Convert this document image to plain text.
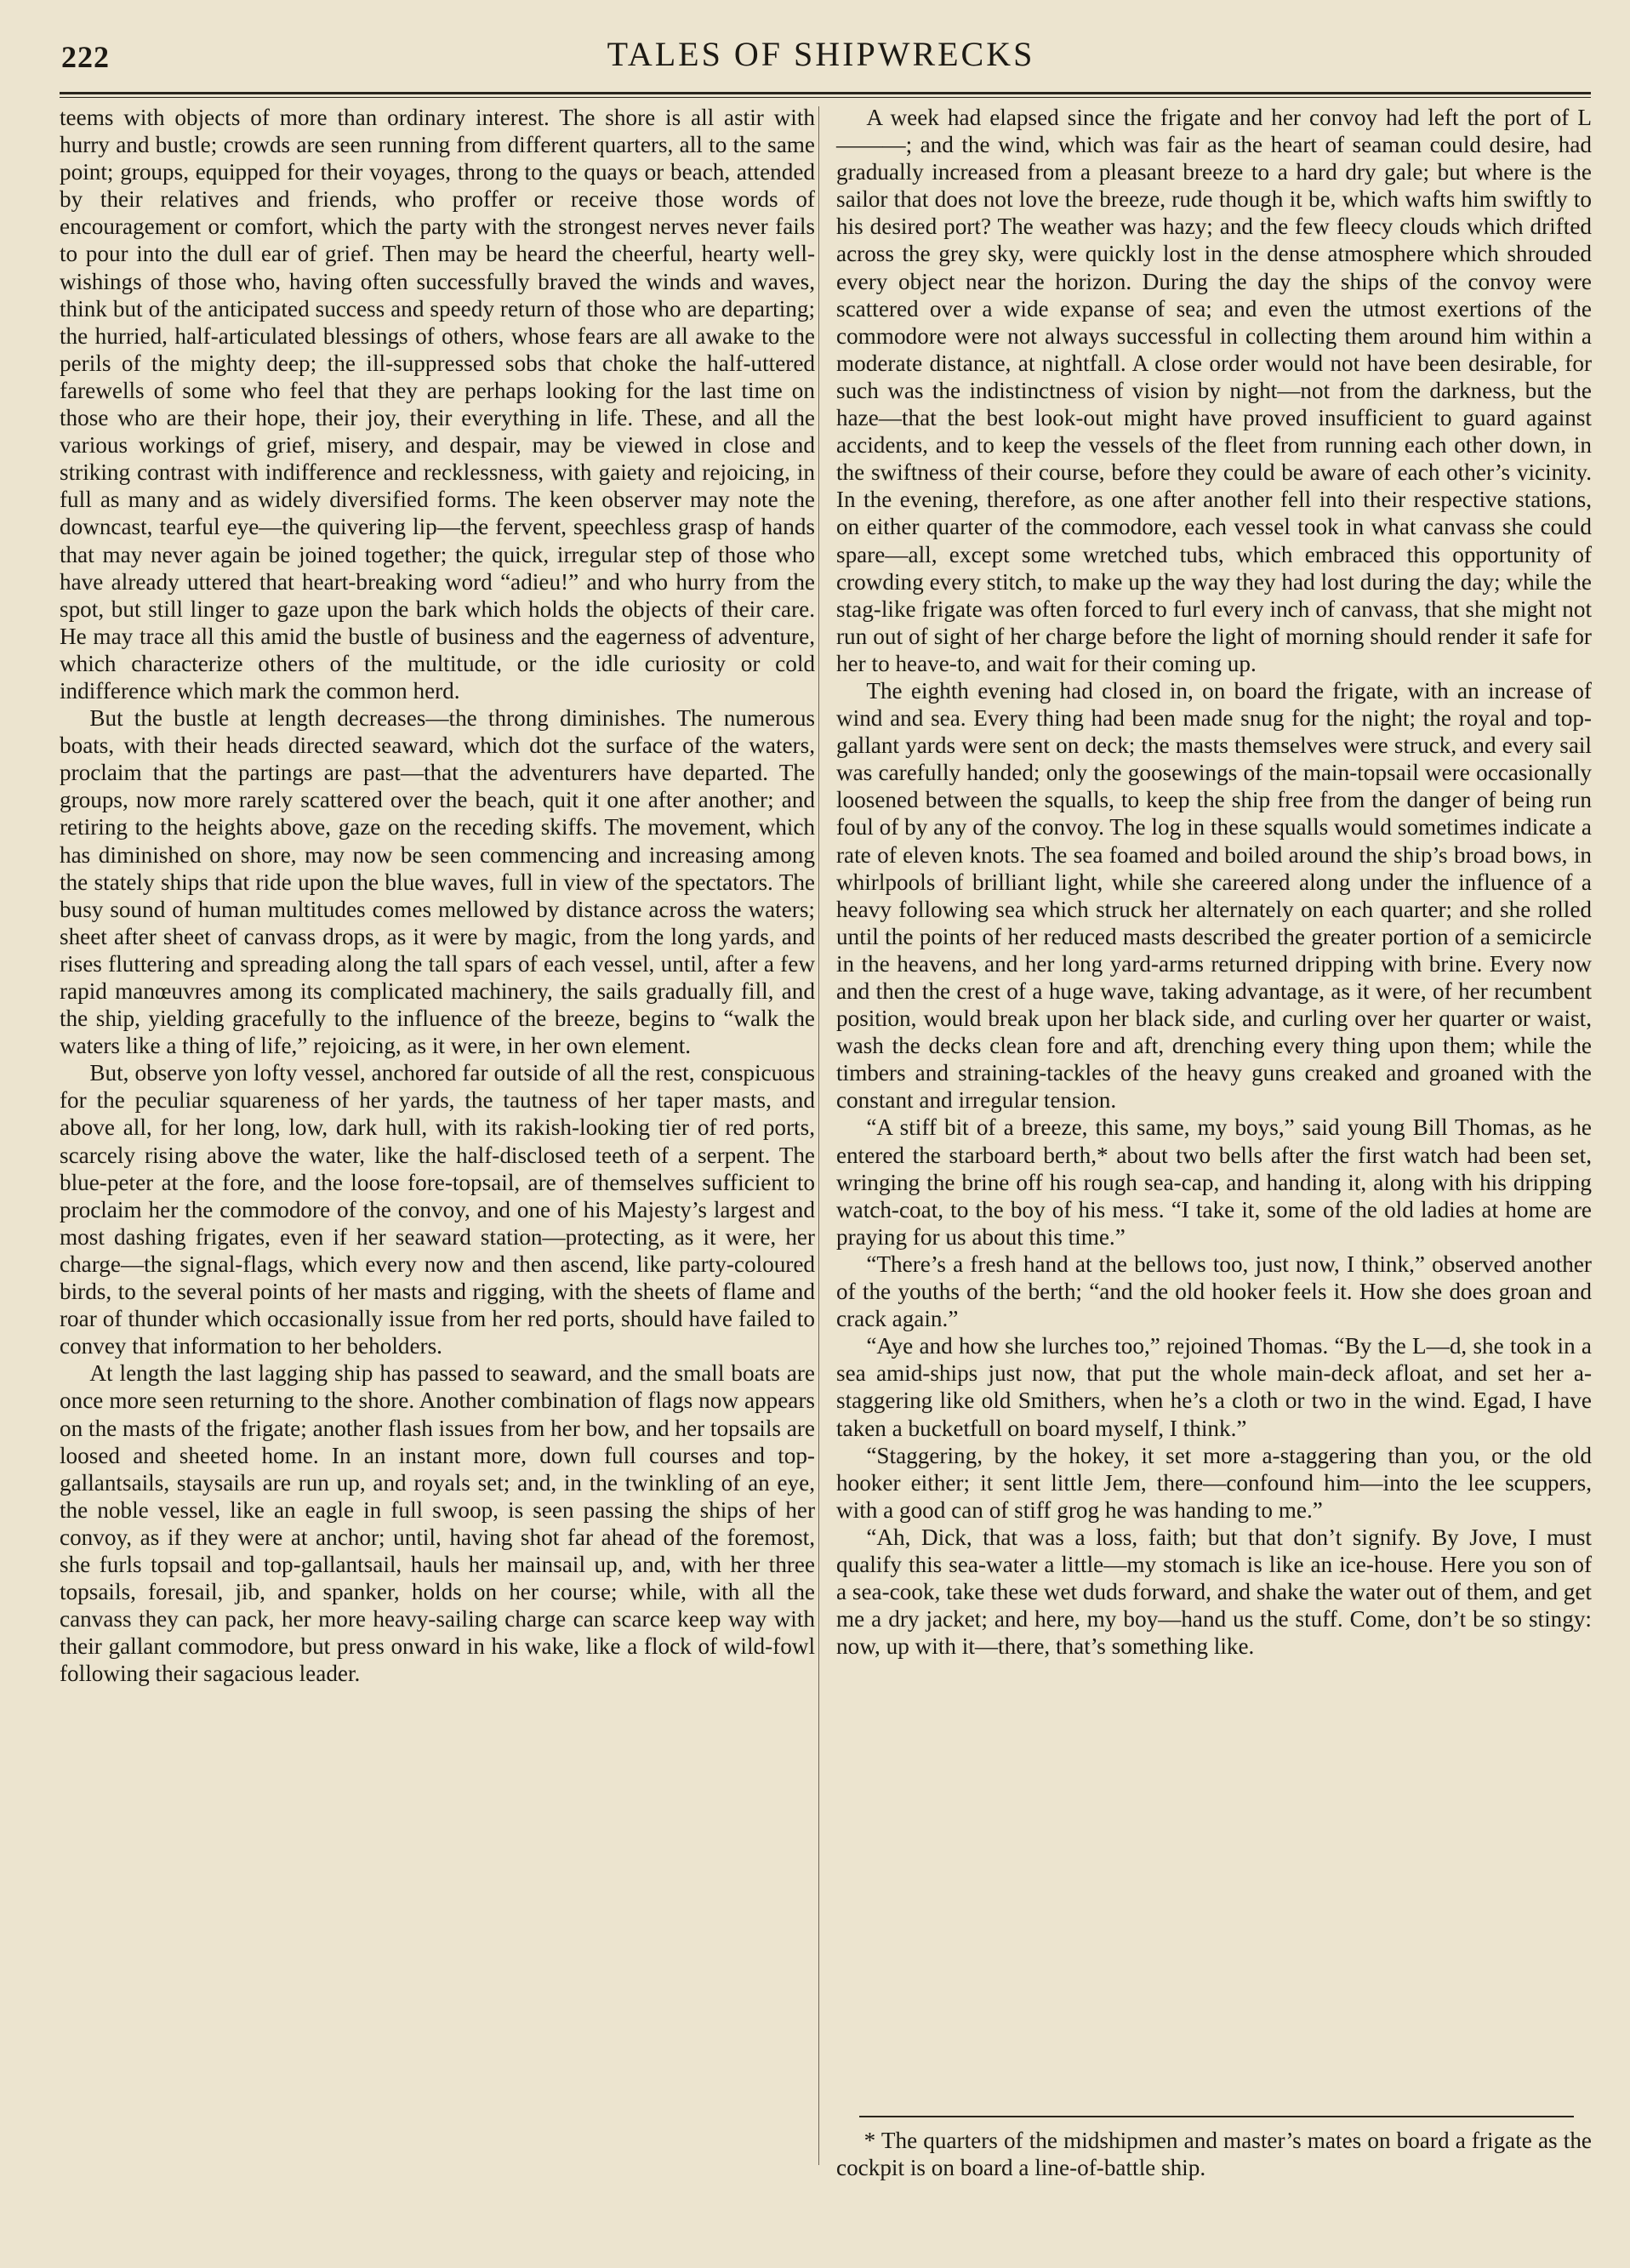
222	TALES OF SHIPWRECKS

teems with objects of more than ordinary interest. The shore is all astir with hurry and bustle; crowds are seen running from different quarters, all to the same point; groups, equipped for their voyages, throng to the quays or beach, attended by their relatives and friends, who proffer or receive those words of encouragement or comfort, which the party with the strongest nerves never fails to pour into the dull ear of grief. Then may be heard the cheerful, hearty well-wishings of those who, having often successfully braved the winds and waves, think but of the anticipated success and speedy return of those who are departing; the hurried, half-articulated blessings of others, whose fears are all awake to the perils of the mighty deep; the ill-suppressed sobs that choke the half-uttered farewells of some who feel that they are perhaps looking for the last time on those who are their hope, their joy, their everything in life. These, and all the various workings of grief, misery, and despair, may be viewed in close and striking contrast with indifference and recklessness, with gaiety and rejoicing, in full as many and as widely diversified forms. The keen observer may note the downcast, tearful eye—the quivering lip—the fervent, speechless grasp of hands that may never again be joined together; the quick, irregular step of those who have already uttered that heart-breaking word “adieu!” and who hurry from the spot, but still linger to gaze upon the bark which holds the objects of their care. He may trace all this amid the bustle of business and the eagerness of adventure, which characterize others of the multitude, or the idle curiosity or cold indifference which mark the common herd.

But the bustle at length decreases—the throng diminishes. The numerous boats, with their heads directed seaward, which dot the surface of the waters, proclaim that the partings are past—that the adventurers have departed. The groups, now more rarely scattered over the beach, quit it one after another; and retiring to the heights above, gaze on the receding skiffs. The movement, which has diminished on shore, may now be seen commencing and increasing among the stately ships that ride upon the blue waves, full in view of the spectators. The busy sound of human multitudes comes mellowed by distance across the waters; sheet after sheet of canvass drops, as it were by magic, from the long yards, and rises fluttering and spreading along the tall spars of each vessel, until, after a few rapid manœuvres among its complicated machinery, the sails gradually fill, and the ship, yielding gracefully to the influence of the breeze, begins to “walk the waters like a thing of life,” rejoicing, as it were, in her own element.

But, observe yon lofty vessel, anchored far outside of all the rest, conspicuous for the peculiar squareness of her yards, the tautness of her taper masts, and above all, for her long, low, dark hull, with its rakish-looking tier of red ports, scarcely rising above the water, like the half-disclosed teeth of a serpent. The blue-peter at the fore, and the loose fore-topsail, are of themselves sufficient to proclaim her the commodore of the convoy, and one of his Majesty’s largest and most dashing frigates, even if her seaward station—protecting, as it were, her charge—the signal-flags, which every now and then ascend, like party-coloured birds, to the several points of her masts and rigging, with the sheets of flame and roar of thunder which occasionally issue from her red ports, should have failed to convey that information to her beholders.

At length the last lagging ship has passed to seaward, and the small boats are once more seen returning to the shore. Another combination of flags now appears on the masts of the frigate; another flash issues from her bow, and her topsails are loosed and sheeted home. In an instant more, down full courses and top-gallantsails, staysails are run up, and royals set; and, in the twinkling of an eye, the noble vessel, like an eagle in full swoop, is seen passing the ships of her convoy, as if they were at anchor; until, having shot far ahead of the foremost, she furls topsail and top-gallantsail, hauls her mainsail up, and, with her three topsails, foresail, jib, and spanker, holds on her course; while, with all the canvass they can pack, her more heavy-sailing charge can scarce keep way with their gallant commodore, but press onward in his wake, like a flock of wild-fowl following their sagacious leader.

A week had elapsed since the frigate and her convoy had left the port of L———; and the wind, which was fair as the heart of seaman could desire, had gradually increased from a pleasant breeze to a hard dry gale; but where is the sailor that does not love the breeze, rude though it be, which wafts him swiftly to his desired port? The weather was hazy; and the few fleecy clouds which drifted across the grey sky, were quickly lost in the dense atmosphere which shrouded every object near the horizon. During the day the ships of the convoy were scattered over a wide expanse of sea; and even the utmost exertions of the commodore were not always successful in collecting them around him within a moderate distance, at nightfall. A close order would not have been desirable, for such was the indistinctness of vision by night—not from the darkness, but the haze—that the best look-out might have proved insufficient to guard against accidents, and to keep the vessels of the fleet from running each other down, in the swiftness of their course, before they could be aware of each other’s vicinity. In the evening, therefore, as one after another fell into their respective stations, on either quarter of the commodore, each vessel took in what canvass she could spare—all, except some wretched tubs, which embraced this opportunity of crowding every stitch, to make up the way they had lost during the day; while the stag-like frigate was often forced to furl every inch of canvass, that she might not run out of sight of her charge before the light of morning should render it safe for her to heave-to, and wait for their coming up.

The eighth evening had closed in, on board the frigate, with an increase of wind and sea. Every thing had been made snug for the night; the royal and top-gallant yards were sent on deck; the masts themselves were struck, and every sail was carefully handed; only the goosewings of the main-topsail were occasionally loosened between the squalls, to keep the ship free from the danger of being run foul of by any of the convoy. The log in these squalls would sometimes indicate a rate of eleven knots. The sea foamed and boiled around the ship’s broad bows, in whirlpools of brilliant light, while she careered along under the influence of a heavy following sea which struck her alternately on each quarter; and she rolled until the points of her reduced masts described the greater portion of a semicircle in the heavens, and her long yard-arms returned dripping with brine. Every now and then the crest of a huge wave, taking advantage, as it were, of her recumbent position, would break upon her black side, and curling over her quarter or waist, wash the decks clean fore and aft, drenching every thing upon them; while the timbers and straining-tackles of the heavy guns creaked and groaned with the constant and irregular tension.

“A stiff bit of a breeze, this same, my boys,” said young Bill Thomas, as he entered the starboard berth,* about two bells after the first watch had been set, wringing the brine off his rough sea-cap, and handing it, along with his dripping watch-coat, to the boy of his mess. “I take it, some of the old ladies at home are praying for us about this time.”

“There’s a fresh hand at the bellows too, just now, I think,” observed another of the youths of the berth; “and the old hooker feels it. How she does groan and crack again.”

“Aye and how she lurches too,” rejoined Thomas. “By the L—d, she took in a sea amid-ships just now, that put the whole main-deck afloat, and set her a-staggering like old Smithers, when he’s a cloth or two in the wind. Egad, I have taken a bucketfull on board myself, I think.”

“Staggering, by the hokey, it set more a-staggering than you, or the old hooker either; it sent little Jem, there—confound him—into the lee scuppers, with a good can of stiff grog he was handing to me.”

“Ah, Dick, that was a loss, faith; but that don’t signify. By Jove, I must qualify this sea-water a little—my stomach is like an ice-house. Here you son of a sea-cook, take these wet duds forward, and shake the water out of them, and get me a dry jacket; and here, my boy—hand us the stuff. Come, don’t be so stingy: now, up with it—there, that’s something like.

* The quarters of the midshipmen and master’s mates on board a frigate as the cockpit is on board a line-of-battle ship.
